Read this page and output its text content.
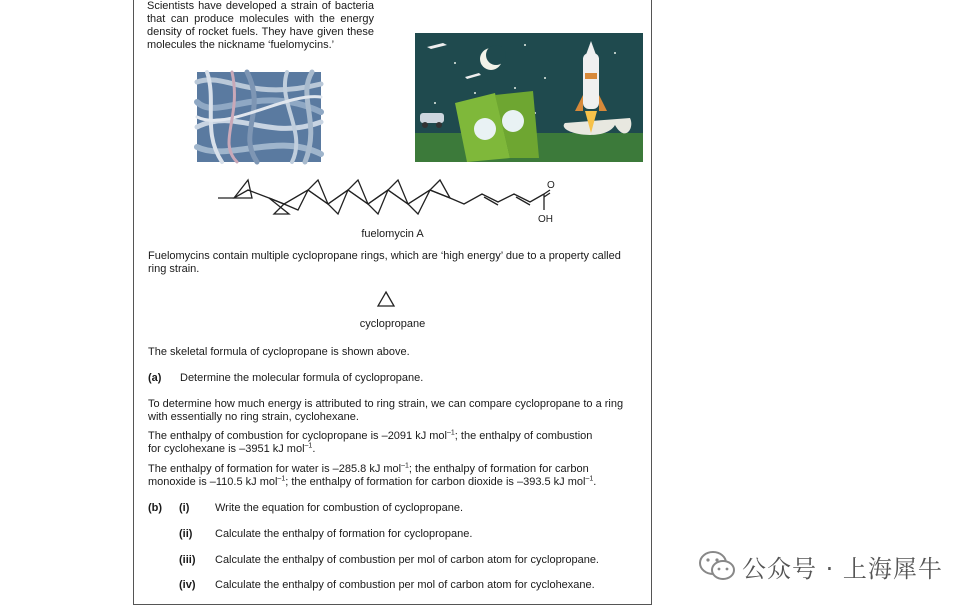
Scientists have developed a strain of bacteria that can produce molecules with the energy density of rocket fuels. They have given these molecules the nickname ‘fuelomycins.’
O
OH
fuelomycin A
Fuelomycins contain multiple cyclopropane rings, which are ‘high energy’ due to a property called ring strain.
cyclopropane
The skeletal formula of cyclopropane is shown above.
(a) Determine the molecular formula of cyclopropane.
To determine how much energy is attributed to ring strain, we can compare cyclopropane to a ring with essentially no ring strain, cyclohexane.
The enthalpy of combustion for cyclopropane is –2091 kJ mol$^{-1}$; the enthalpy of combustion
for cyclohexane is –3951 kJ mol$^{-1}$.
The enthalpy of formation for water is –285.8 kJ mol$^{-1}$; the enthalpy of formation for carbon
monoxide is –110.5 kJ mol$^{-1}$; the enthalpy of formation for carbon dioxide is –393.5 kJ mol$^{-1}$.
(b) (i) Write the equation for combustion of cyclopropane.
(ii) Calculate the enthalpy of formation for cyclopropane.
(iii) Calculate the enthalpy of combustion per mol of carbon atom for cyclopropane.
(iv) Calculate the enthalpy of combustion per mol of carbon atom for cyclohexane.
公众号 · 上海犀牛
